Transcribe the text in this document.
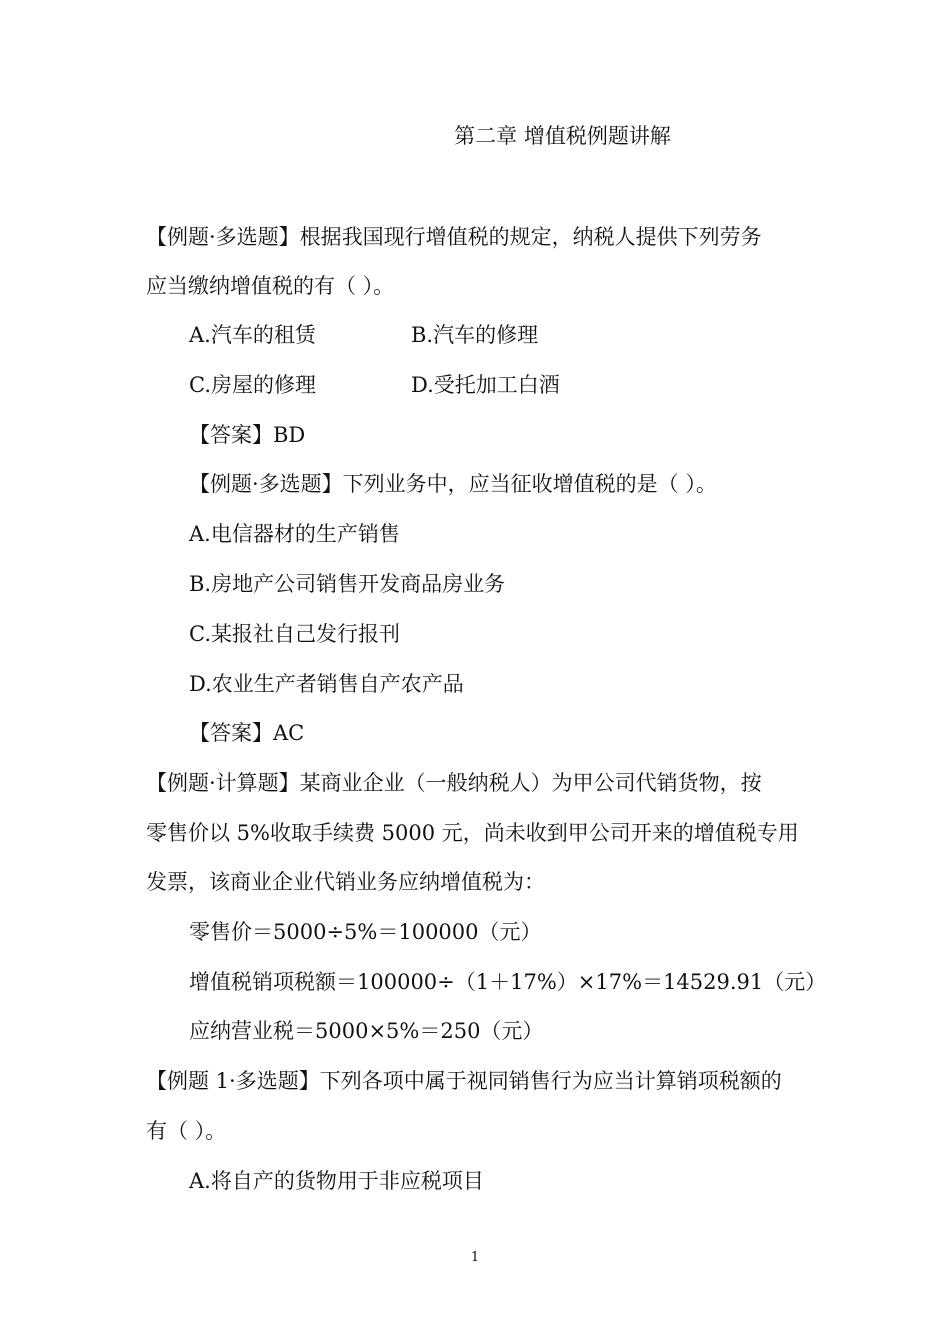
第二章 增值税例题讲解
【例题·多选题】根据我国现行增值税的规定，纳税人提供下列劳务
应当缴纳增值税的有（ ）。
A.汽车的租赁	B.汽车的修理
C.房屋的修理	D.受托加工白酒
【答案】BD
【例题·多选题】下列业务中，应当征收增值税的是（ ）。
A.电信器材的生产销售
B.房地产公司销售开发商品房业务
C.某报社自己发行报刊
D.农业生产者销售自产农产品
【答案】AC
【例题·计算题】某商业企业（一般纳税人）为甲公司代销货物，按
零售价以 5%收取手续费 5000 元，尚未收到甲公司开来的增值税专用
发票，该商业企业代销业务应纳增值税为：
零售价＝5000÷5%＝100000（元）
增值税销项税额＝100000÷（1＋17%）×17%＝14529.91（元）
应纳营业税＝5000×5%＝250（元）
【例题 1·多选题】下列各项中属于视同销售行为应当计算销项税额的
有（ ）。
A.将自产的货物用于非应税项目
1
